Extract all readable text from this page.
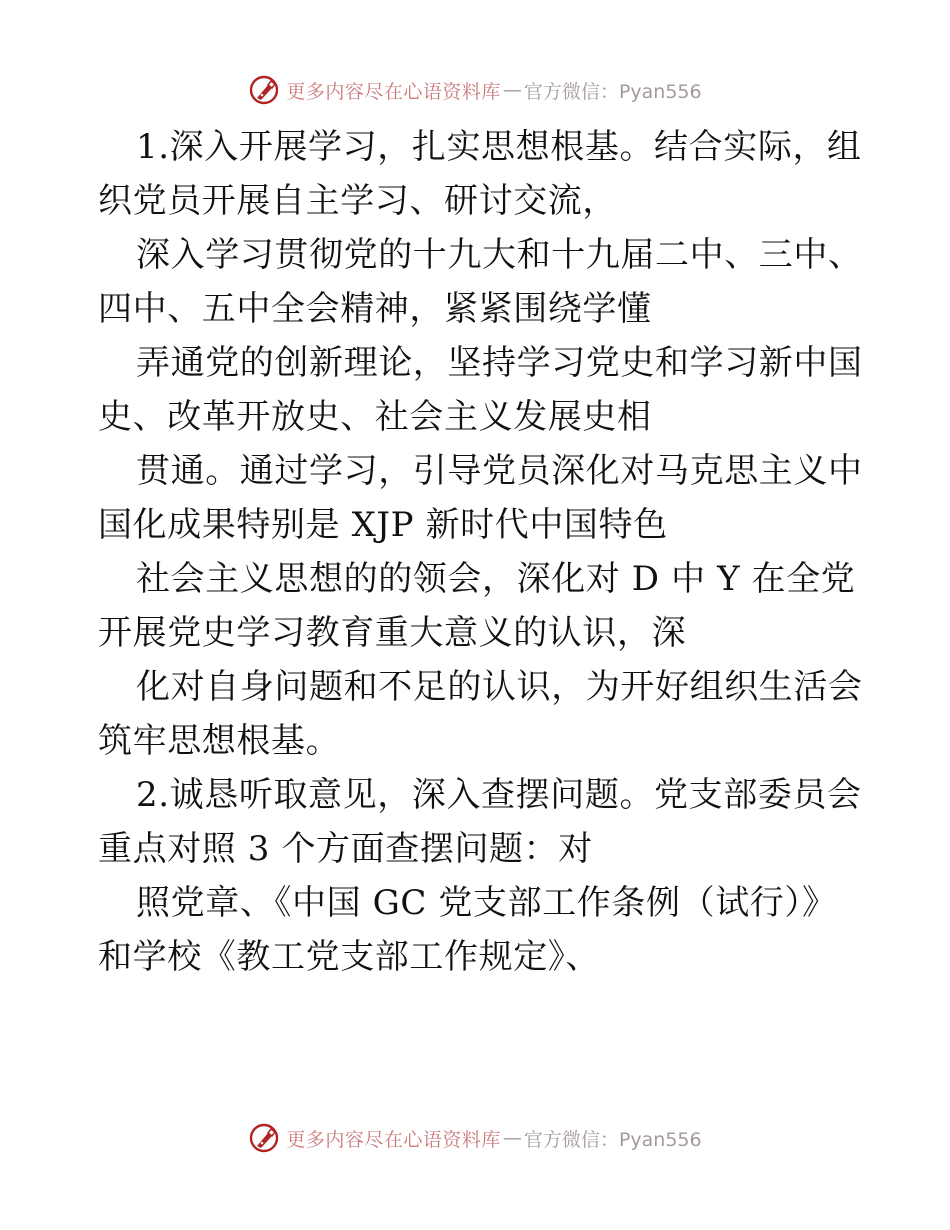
更多内容尽在心语资料库 — 官方微信：Pyan556
1.深入开展学习，扎实思想根基。结合实际，组
织党员开展自主学习、研讨交流，
深入学习贯彻党的十九大和十九届二中、三中、
四中、五中全会精神，紧紧围绕学懂
弄通党的创新理论，坚持学习党史和学习新中国
史、改革开放史、社会主义发展史相
贯通。通过学习，引导党员深化对马克思主义中
国化成果特别是 XJP 新时代中国特色
社会主义思想的的领会，深化对 D 中 Y 在全党
开展党史学习教育重大意义的认识，深
化对自身问题和不足的认识，为开好组织生活会
筑牢思想根基。
2.诚恳听取意见，深入查摆问题。党支部委员会
重点对照 3 个方面查摆问题：对
照党章、《中国 GC 党支部工作条例（试行）》
和学校《教工党支部工作规定》、
更多内容尽在心语资料库 — 官方微信：Pyan556
